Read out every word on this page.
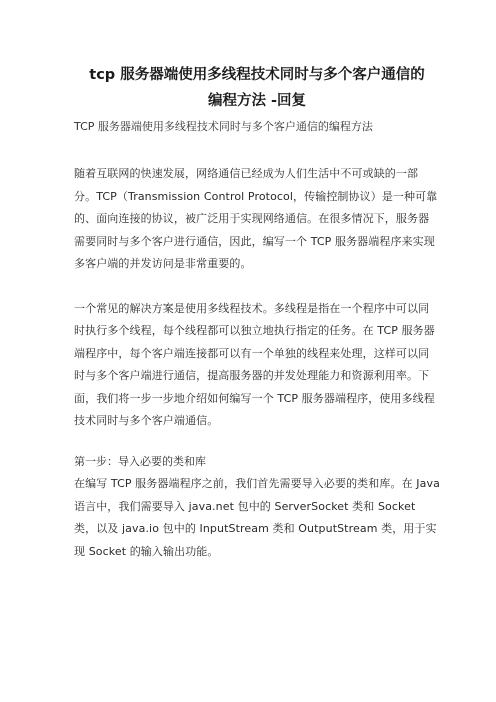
tcp 服务器端使用多线程技术同时与多个客户通信的
编程方法 -回复

TCP 服务器端使用多线程技术同时与多个客户通信的编程方法

随着互联网的快速发展，网络通信已经成为人们生活中不可或缺的一部分。TCP（Transmission Control Protocol，传输控制协议）是一种可靠的、面向连接的协议，被广泛用于实现网络通信。在很多情况下，服务器需要同时与多个客户进行通信，因此，编写一个 TCP 服务器端程序来实现多客户端的并发访问是非常重要的。

一个常见的解决方案是使用多线程技术。多线程是指在一个程序中可以同时执行多个线程，每个线程都可以独立地执行指定的任务。在 TCP 服务器端程序中，每个客户端连接都可以有一个单独的线程来处理，这样可以同时与多个客户端进行通信，提高服务器的并发处理能力和资源利用率。下面，我们将一步一步地介绍如何编写一个 TCP 服务器端程序，使用多线程技术同时与多个客户端通信。

第一步：导入必要的类和库

在编写 TCP 服务器端程序之前，我们首先需要导入必要的类和库。在 Java 语言中，我们需要导入 java.net 包中的 ServerSocket 类和 Socket 类，以及 java.io 包中的 InputStream 类和 OutputStream 类，用于实现 Socket 的输入输出功能。
